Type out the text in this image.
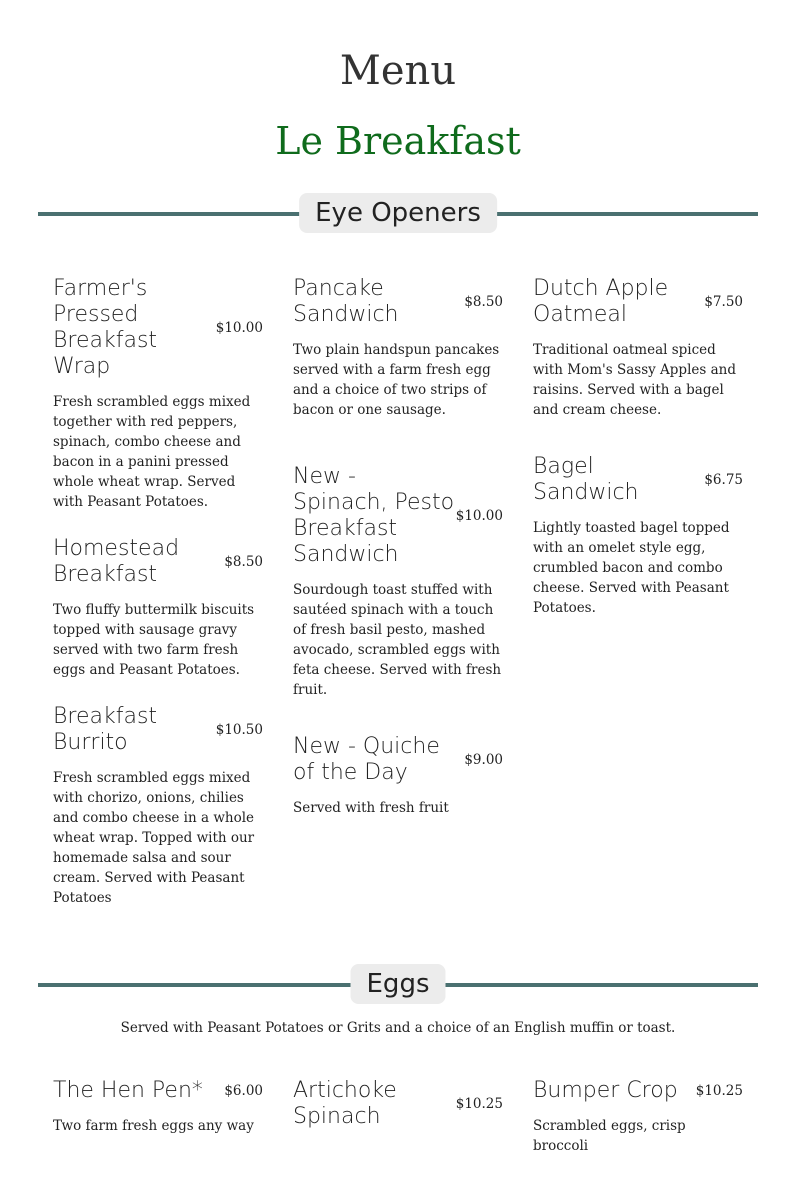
Menu
Le Breakfast
Eye Openers
Farmer's Pressed Breakfast Wrap
$10.00
Fresh scrambled eggs mixed together with red peppers, spinach, combo cheese and bacon in a panini pressed whole wheat wrap. Served with Peasant Potatoes.
Homestead Breakfast	$8.50
Two fluffy buttermilk biscuits topped with sausage gravy served with two farm fresh eggs and Peasant Potatoes.
Breakfast Burrito	$10.50
Fresh scrambled eggs mixed with chorizo, onions, chilies and combo cheese in a whole wheat wrap. Topped with our homemade salsa and sour cream. Served with Peasant Potatoes
Pancake Sandwich	$8.50
Two plain handspun pancakes served with a farm fresh egg and a choice of two strips of bacon or one sausage.
New - Spinach, Pesto Breakfast Sandwich
$10.00
Sourdough toast stuffed with sautéed spinach with a touch of fresh basil pesto, mashed avocado, scrambled eggs with feta cheese. Served with fresh fruit.
New - Quiche of the Day	$9.00
Served with fresh fruit
Dutch Apple Oatmeal	$7.50
Traditional oatmeal spiced with Mom's Sassy Apples and raisins. Served with a bagel and cream cheese.
Bagel Sandwich	$6.75
Lightly toasted bagel topped with an omelet style egg, crumbled bacon and combo cheese. Served with Peasant Potatoes.
Eggs
Served with Peasant Potatoes or Grits and a choice of an English muffin or toast.
The Hen Pen*	$6.00
Two farm fresh eggs any way
Artichoke Spinach	$10.25
Bumper Crop	$10.25
Scrambled eggs, crisp broccoli
